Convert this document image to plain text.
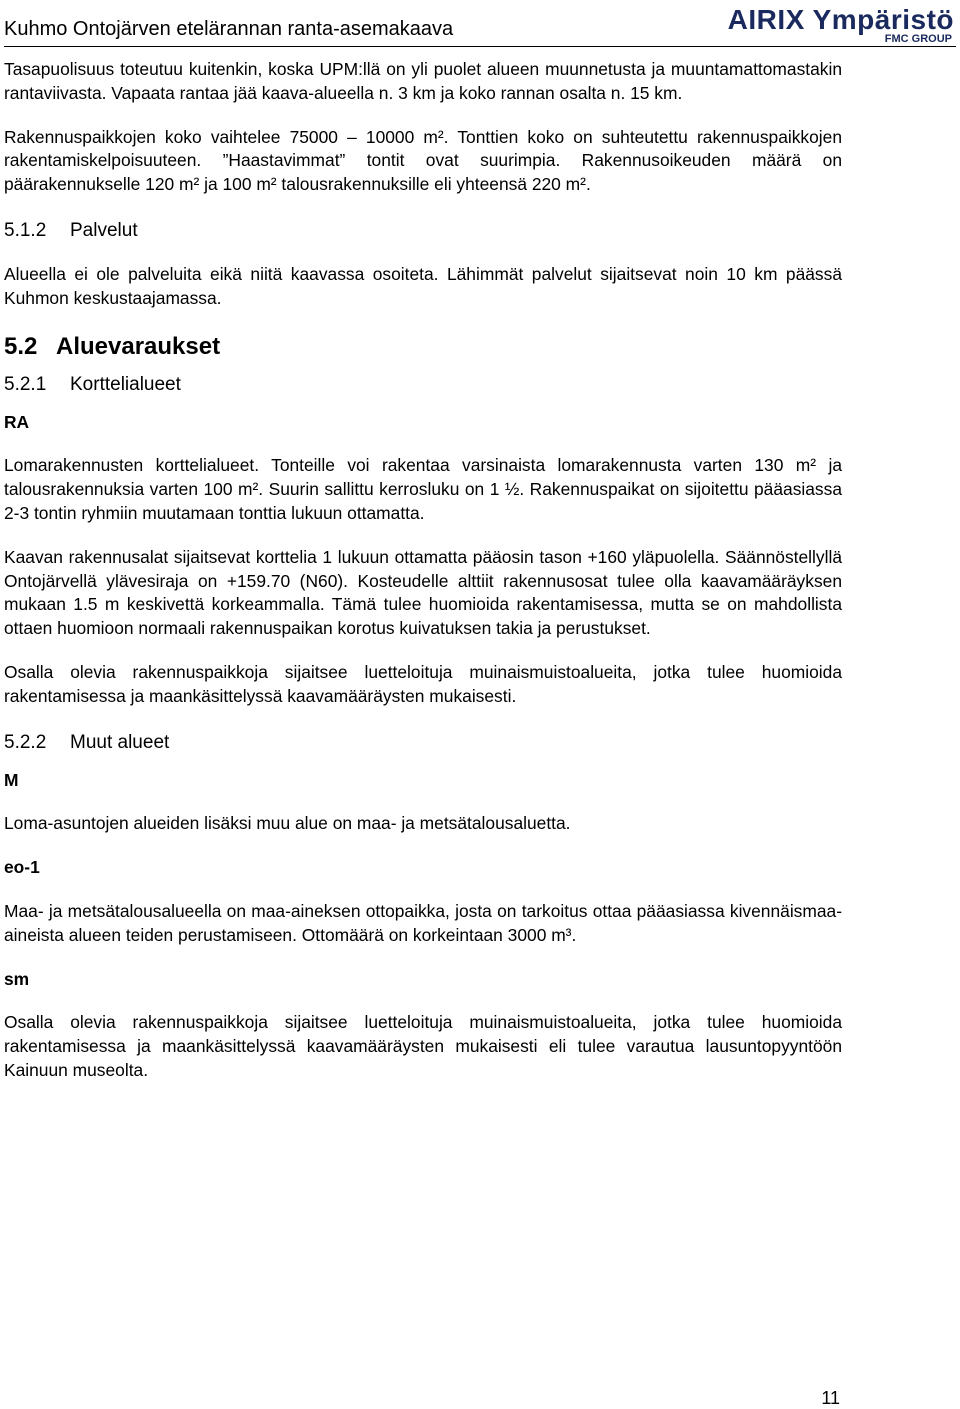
Kuhmo Ontojärven etelärannan ranta-asemakaava	AIRIX Ympäristö
FMC GROUP

Tasapuolisuus toteutuu kuitenkin, koska UPM:llä on yli puolet alueen muunnetusta ja muuntamattomastakin rantaviivasta. Vapaata rantaa jää kaava-alueella n. 3 km ja koko rannan osalta n. 15 km.

Rakennuspaikkojen koko vaihtelee 75000 – 10000 m². Tonttien koko on suhteutettu rakennuspaikkojen rakentamiskelpoisuuteen. ”Haastavimmat” tontit ovat suurimpia. Rakennusoikeuden määrä on päärakennukselle 120 m² ja 100 m² talousrakennuksille eli yhteensä 220 m².

5.1.2 Palvelut

Alueella ei ole palveluita eikä niitä kaavassa osoiteta. Lähimmät palvelut sijaitsevat noin 10 km päässä Kuhmon keskustaajamassa.

5.2 Aluevaraukset
5.2.1 Korttelialueet
RA

Lomarakennusten korttelialueet. Tonteille voi rakentaa varsinaista lomarakennusta varten 130 m² ja talousrakennuksia varten 100 m². Suurin sallittu kerrosluku on 1 ½. Rakennuspaikat on sijoitettu pääasiassa 2-3 tontin ryhmiin muutamaan tonttia lukuun ottamatta.

Kaavan rakennusalat sijaitsevat korttelia 1 lukuun ottamatta pääosin tason +160 yläpuolella. Säännöstellyllä Ontojärvellä ylävesiraja on +159.70 (N60). Kosteudelle alttiit rakennusosat tulee olla kaavamääräyksen mukaan 1.5 m keskivettä korkeammalla. Tämä tulee huomioida rakentamisessa, mutta se on mahdollista ottaen huomioon normaali rakennuspaikan korotus kuivatuksen takia ja perustukset.

Osalla olevia rakennuspaikkoja sijaitsee luetteloituja muinaismuistoalueita, jotka tulee huomioida rakentamisessa ja maankäsittelyssä kaavamääräysten mukaisesti.

5.2.2 Muut alueet
M

Loma-asuntojen alueiden lisäksi muu alue on maa- ja metsätalousaluetta.

eo-1

Maa- ja metsätalousalueella on maa-aineksen ottopaikka, josta on tarkoitus ottaa pääasiassa kivennäismaa-aineista alueen teiden perustamiseen. Ottomäärä on korkeintaan 3000 m³.

sm

Osalla olevia rakennuspaikkoja sijaitsee luetteloituja muinaismuistoalueita, jotka tulee huomioida rakentamisessa ja maankäsittelyssä kaavamääräysten mukaisesti eli tulee varautua lausuntopyyntöön Kainuun museolta.

11
